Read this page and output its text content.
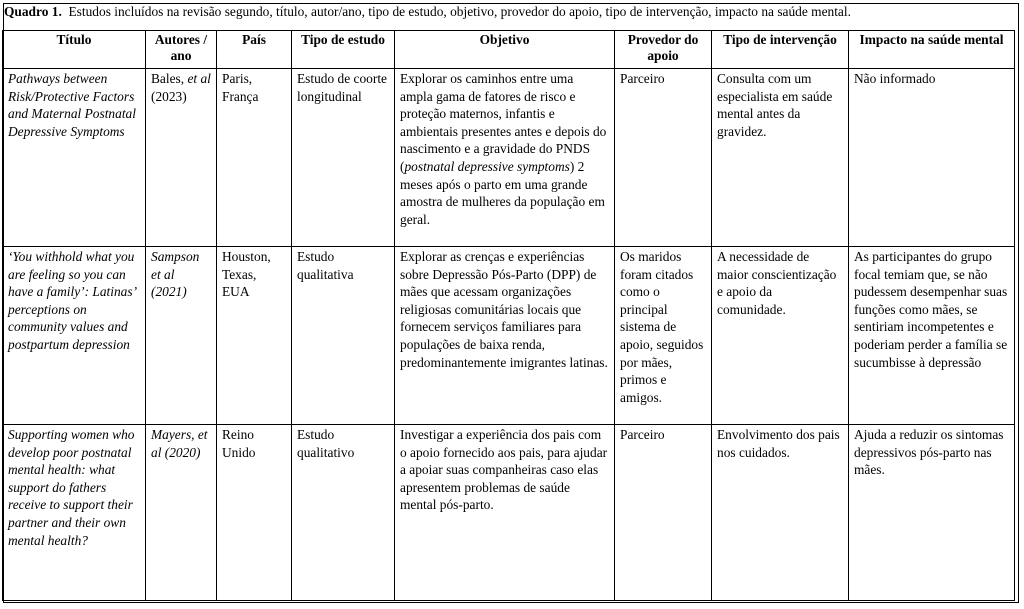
Quadro 1. Estudos incluídos na revisão segundo, título, autor/ano, tipo de estudo, objetivo, provedor do apoio, tipo de intervenção, impacto na saúde mental.
Título	Autores / ano	País	Tipo de estudo	Objetivo	Provedor do apoio	Tipo de intervenção	Impacto na saúde mental
Pathways between Risk/Protective Factors and Maternal Postnatal Depressive Symptoms	Bales, et al (2023)	Paris, França	Estudo de coorte longitudinal	Explorar os caminhos entre uma ampla gama de fatores de risco e proteção maternos, infantis e ambientais presentes antes e depois do nascimento e a gravidade do PNDS (postnatal depressive symptoms) 2 meses após o parto em uma grande amostra de mulheres da população em geral.	Parceiro	Consulta com um especialista em saúde mental antes da gravidez.	Não informado
‘You withhold what you are feeling so you can have a family’: Latinas’ perceptions on community values and postpartum depression	Sampson et al (2021)	Houston, Texas, EUA	Estudo qualitativa	Explorar as crenças e experiências sobre Depressão Pós-Parto (DPP) de mães que acessam organizações religiosas comunitárias locais que fornecem serviços familiares para populações de baixa renda, predominantemente imigrantes latinas.	Os maridos foram citados como o principal sistema de apoio, seguidos por mães, primos e amigos.	A necessidade de maior conscientização e apoio da comunidade.	As participantes do grupo focal temiam que, se não pudessem desempenhar suas funções como mães, se sentiriam incompetentes e poderiam perder a família se sucumbisse à depressão
Supporting women who develop poor postnatal mental health: what support do fathers receive to support their partner and their own mental health?	Mayers, et al (2020)	Reino Unido	Estudo qualitativo	Investigar a experiência dos pais com o apoio fornecido aos pais, para ajudar a apoiar suas companheiras caso elas apresentem problemas de saúde mental pós-parto.	Parceiro	Envolvimento dos pais nos cuidados.	Ajuda a reduzir os sintomas depressivos pós-parto nas mães.
